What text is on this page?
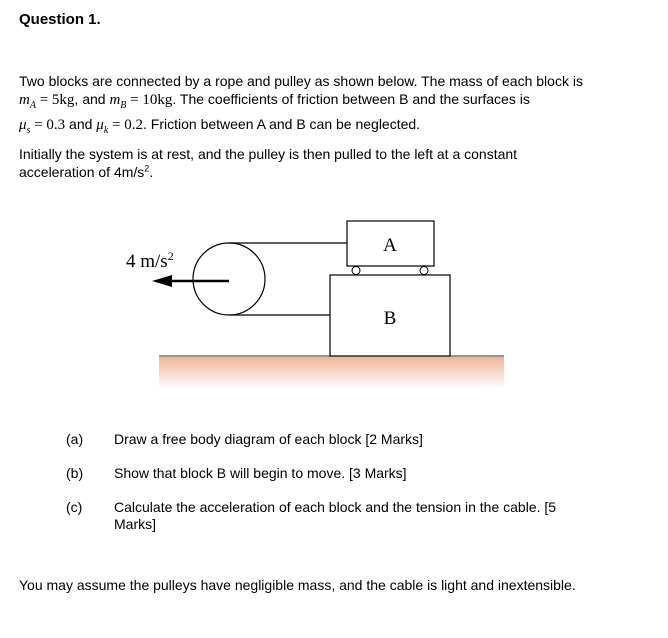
Question 1.
Two blocks are connected by a rope and pulley as shown below. The mass of each block is
$m_A = 5kg$, and $m_B = 10kg$. The coefficients of friction between B and the surfaces is
$\mu_s = 0.3$ and $\mu_k = 0.2$. Friction between A and B can be neglected.
Initially the system is at rest, and the pulley is then pulled to the left at a constant acceleration of $4m/s^2$.
4 $m/s^2$	A
B
(a) Draw a free body diagram of each block [2 Marks]
(b) Show that block B will begin to move. [3 Marks]
(c) Calculate the acceleration of each block and the tension in the cable. [5 Marks]
You may assume the pulleys have negligible mass, and the cable is light and inextensible.
